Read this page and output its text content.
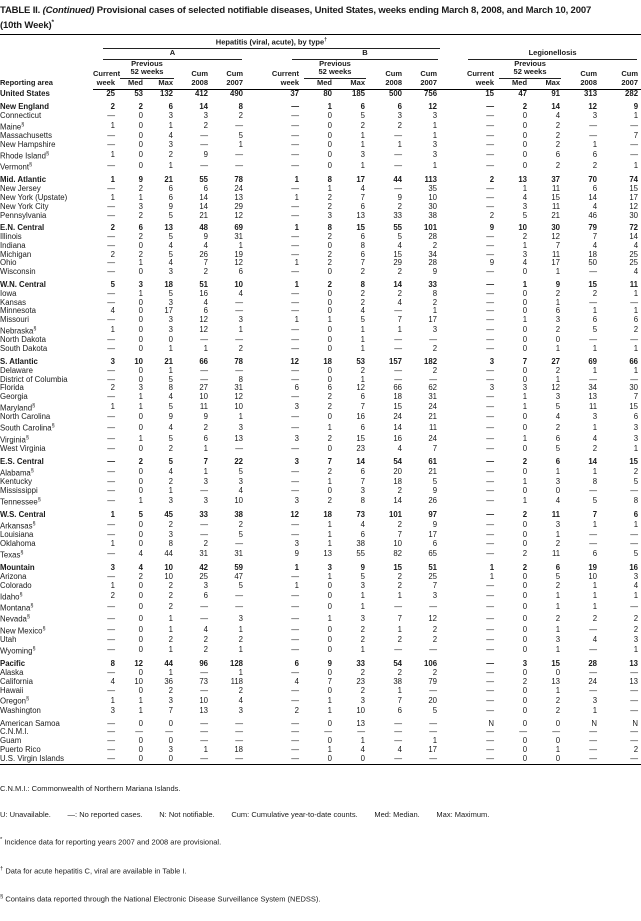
TABLE II. (Continued) Provisional cases of selected notifiable diseases, United States, weeks ending March 8, 2008, and March 10, 2007
(10th Week)*
Reporting area	Hepatitis (viral, acute), by type†

	A					B					Legionellosis				

	Current	Previous
52 weeks		Cum	Cum	Current	Previous
52 weeks		Cum	Cum	Current	Previous
52 weeks		Cum	Cum
	week	Med	Max	2008	2007	week	Med	Max	2008	2007	week	Med	Max	2008	2007
United States	25	53	132	412	490	37	80	185	500	756	15	47	91	313	282

New England	2	2	6	14	8	—	1	6	6	12	—	2	14	12	9
Connecticut	—	0	3	3	2	—	0	5	3	3	—	0	4	3	1
Maine§	1	0	1	2	—	—	0	2	2	1	—	0	2	—	—
Massachusetts	—	0	4	—	5	—	0	1	—	1	—	0	2	—	7
New Hampshire	—	0	3	—	1	—	0	1	1	3	—	0	2	1	—
Rhode Island§	1	0	2	9	—	—	0	3	—	3	—	0	6	6	—
Vermont§	—	0	1	—	—	—	0	1	—	1	—	0	2	2	1

Mid. Atlantic	1	9	21	55	78	1	8	17	44	113	2	13	37	70	74
New Jersey	—	2	6	6	24	—	1	4	—	35	—	1	11	6	15
New York (Upstate)	1	1	6	14	13	1	2	7	9	10	—	4	15	14	17
New York City	—	3	9	14	29	—	2	6	2	30	—	3	11	4	12
Pennsylvania	—	2	5	21	12	—	3	13	33	38	2	5	21	46	30

E.N. Central	2	6	13	48	69	1	8	15	55	101	9	10	30	79	72
Illinois	—	2	5	9	31	—	2	6	5	28	—	2	12	7	14
Indiana	—	0	4	4	1	—	0	8	4	2	—	1	7	4	4
Michigan	2	2	5	26	19	—	2	6	15	34	—	3	11	18	25
Ohio	—	1	4	7	12	1	2	7	29	28	9	4	17	50	25
Wisconsin	—	0	3	2	6	—	0	2	2	9	—	0	1	—	4

W.N. Central	5	3	18	51	10	1	2	8	14	33	—	1	9	15	11
Iowa	—	1	5	16	4	—	0	2	2	8	—	0	2	2	1
Kansas	—	0	3	4	—	—	0	2	4	2	—	0	1	—	—
Minnesota	4	0	17	6	—	—	0	4	—	1	—	0	6	1	1
Missouri	—	0	3	12	3	1	1	5	7	17	—	1	3	6	6
Nebraska§	1	0	3	12	1	—	0	1	1	3	—	0	2	5	2
North Dakota	—	0	0	—	—	—	0	1	—	—	—	0	0	—	—
South Dakota	—	0	1	1	2	—	0	1	—	2	—	0	1	1	1

S. Atlantic	3	10	21	66	78	12	18	53	157	182	3	7	27	69	66
Delaware	—	0	1	—	—	—	0	2	—	2	—	0	2	1	1
District of Columbia	—	0	5	—	8	—	0	1	—	—	—	0	1	—	—
Florida	2	3	8	27	31	6	6	12	66	62	3	3	12	34	30
Georgia	—	1	4	10	12	—	2	6	18	31	—	1	3	13	7
Maryland§	1	1	5	11	10	3	2	7	15	24	—	1	5	11	15
North Carolina	—	0	9	9	1	—	0	16	24	21	—	0	4	3	6
South Carolina§	—	0	4	2	3	—	1	6	14	11	—	0	2	1	3
Virginia§	—	1	5	6	13	3	2	15	16	24	—	1	6	4	3
West Virginia	—	0	2	1	—	—	0	23	4	7	—	0	5	2	1

E.S. Central	—	2	5	7	22	3	7	14	54	61	—	2	6	14	15
Alabama§	—	0	4	1	5	—	2	6	20	21	—	0	1	1	2
Kentucky	—	0	2	3	3	—	1	7	18	5	—	1	3	8	5
Mississippi	—	0	1	—	4	—	0	3	2	9	—	0	0	—	—
Tennessee§	—	1	3	3	10	3	2	8	14	26	—	1	4	5	8

W.S. Central	1	5	45	33	38	12	18	73	101	97	—	2	11	7	6
Arkansas§	—	0	2	—	2	—	1	4	2	9	—	0	3	1	1
Louisiana	—	0	3	—	5	—	1	6	7	17	—	0	1	—	—
Oklahoma	1	0	8	2	—	3	1	38	10	6	—	0	2	—	—
Texas§	—	4	44	31	31	9	13	55	82	65	—	2	11	6	5

Mountain	3	4	10	42	59	1	3	9	15	51	1	2	6	19	16
Arizona	—	2	10	25	47	—	1	5	2	25	1	0	5	10	3
Colorado	1	0	2	3	5	1	0	3	2	7	—	0	2	1	4
Idaho§	2	0	2	6	—	—	0	1	1	3	—	0	1	1	1
Montana§	—	0	2	—	—	—	0	1	—	—	—	0	1	1	—
Nevada§	—	0	1	—	3	—	1	3	7	12	—	0	2	2	2
New Mexico§	—	0	1	4	1	—	0	2	1	2	—	0	1	—	2
Utah	—	0	2	2	2	—	0	2	2	2	—	0	3	4	3
Wyoming§	—	0	1	2	1	—	0	1	—	—	—	0	1	—	1

Pacific	8	12	44	96	128	6	9	33	54	106	—	3	15	28	13
Alaska	—	0	1	—	1	—	0	2	2	2	—	0	0	—	—
California	4	10	36	73	118	4	7	23	38	79	—	2	13	24	13
Hawaii	—	0	2	—	2	—	0	2	1	—	—	0	1	—	—
Oregon§	1	1	3	10	4	—	1	3	7	20	—	0	2	3	—
Washington	3	1	7	13	3	2	1	10	6	5	—	0	2	1	—

American Samoa	—	0	0	—	—	—	0	13	—	—	N	0	0	N	N
C.N.M.I.	—	—	—	—	—	—	—	—	—	—	—	—	—	—	—
Guam	—	0	0	—	—	—	0	1	—	1	—	0	0	—	—
Puerto Rico	—	0	3	1	18	—	1	4	4	17	—	0	1	—	2
U.S. Virgin Islands	—	0	0	—	—	—	0	0	—	—	—	0	0	—	—

C.N.M.I.: Commonwealth of Northern Mariana Islands.

U: Unavailable.        —: No reported cases.        N: Not notifiable.        Cum: Cumulative year-to-date counts.        Med: Median.        Max: Maximum.

* Incidence data for reporting years 2007 and 2008 are provisional.

† Data for acute hepatitis C, viral are available in Table I.

§ Contains data reported through the National Electronic Disease Surveillance System (NEDSS).
